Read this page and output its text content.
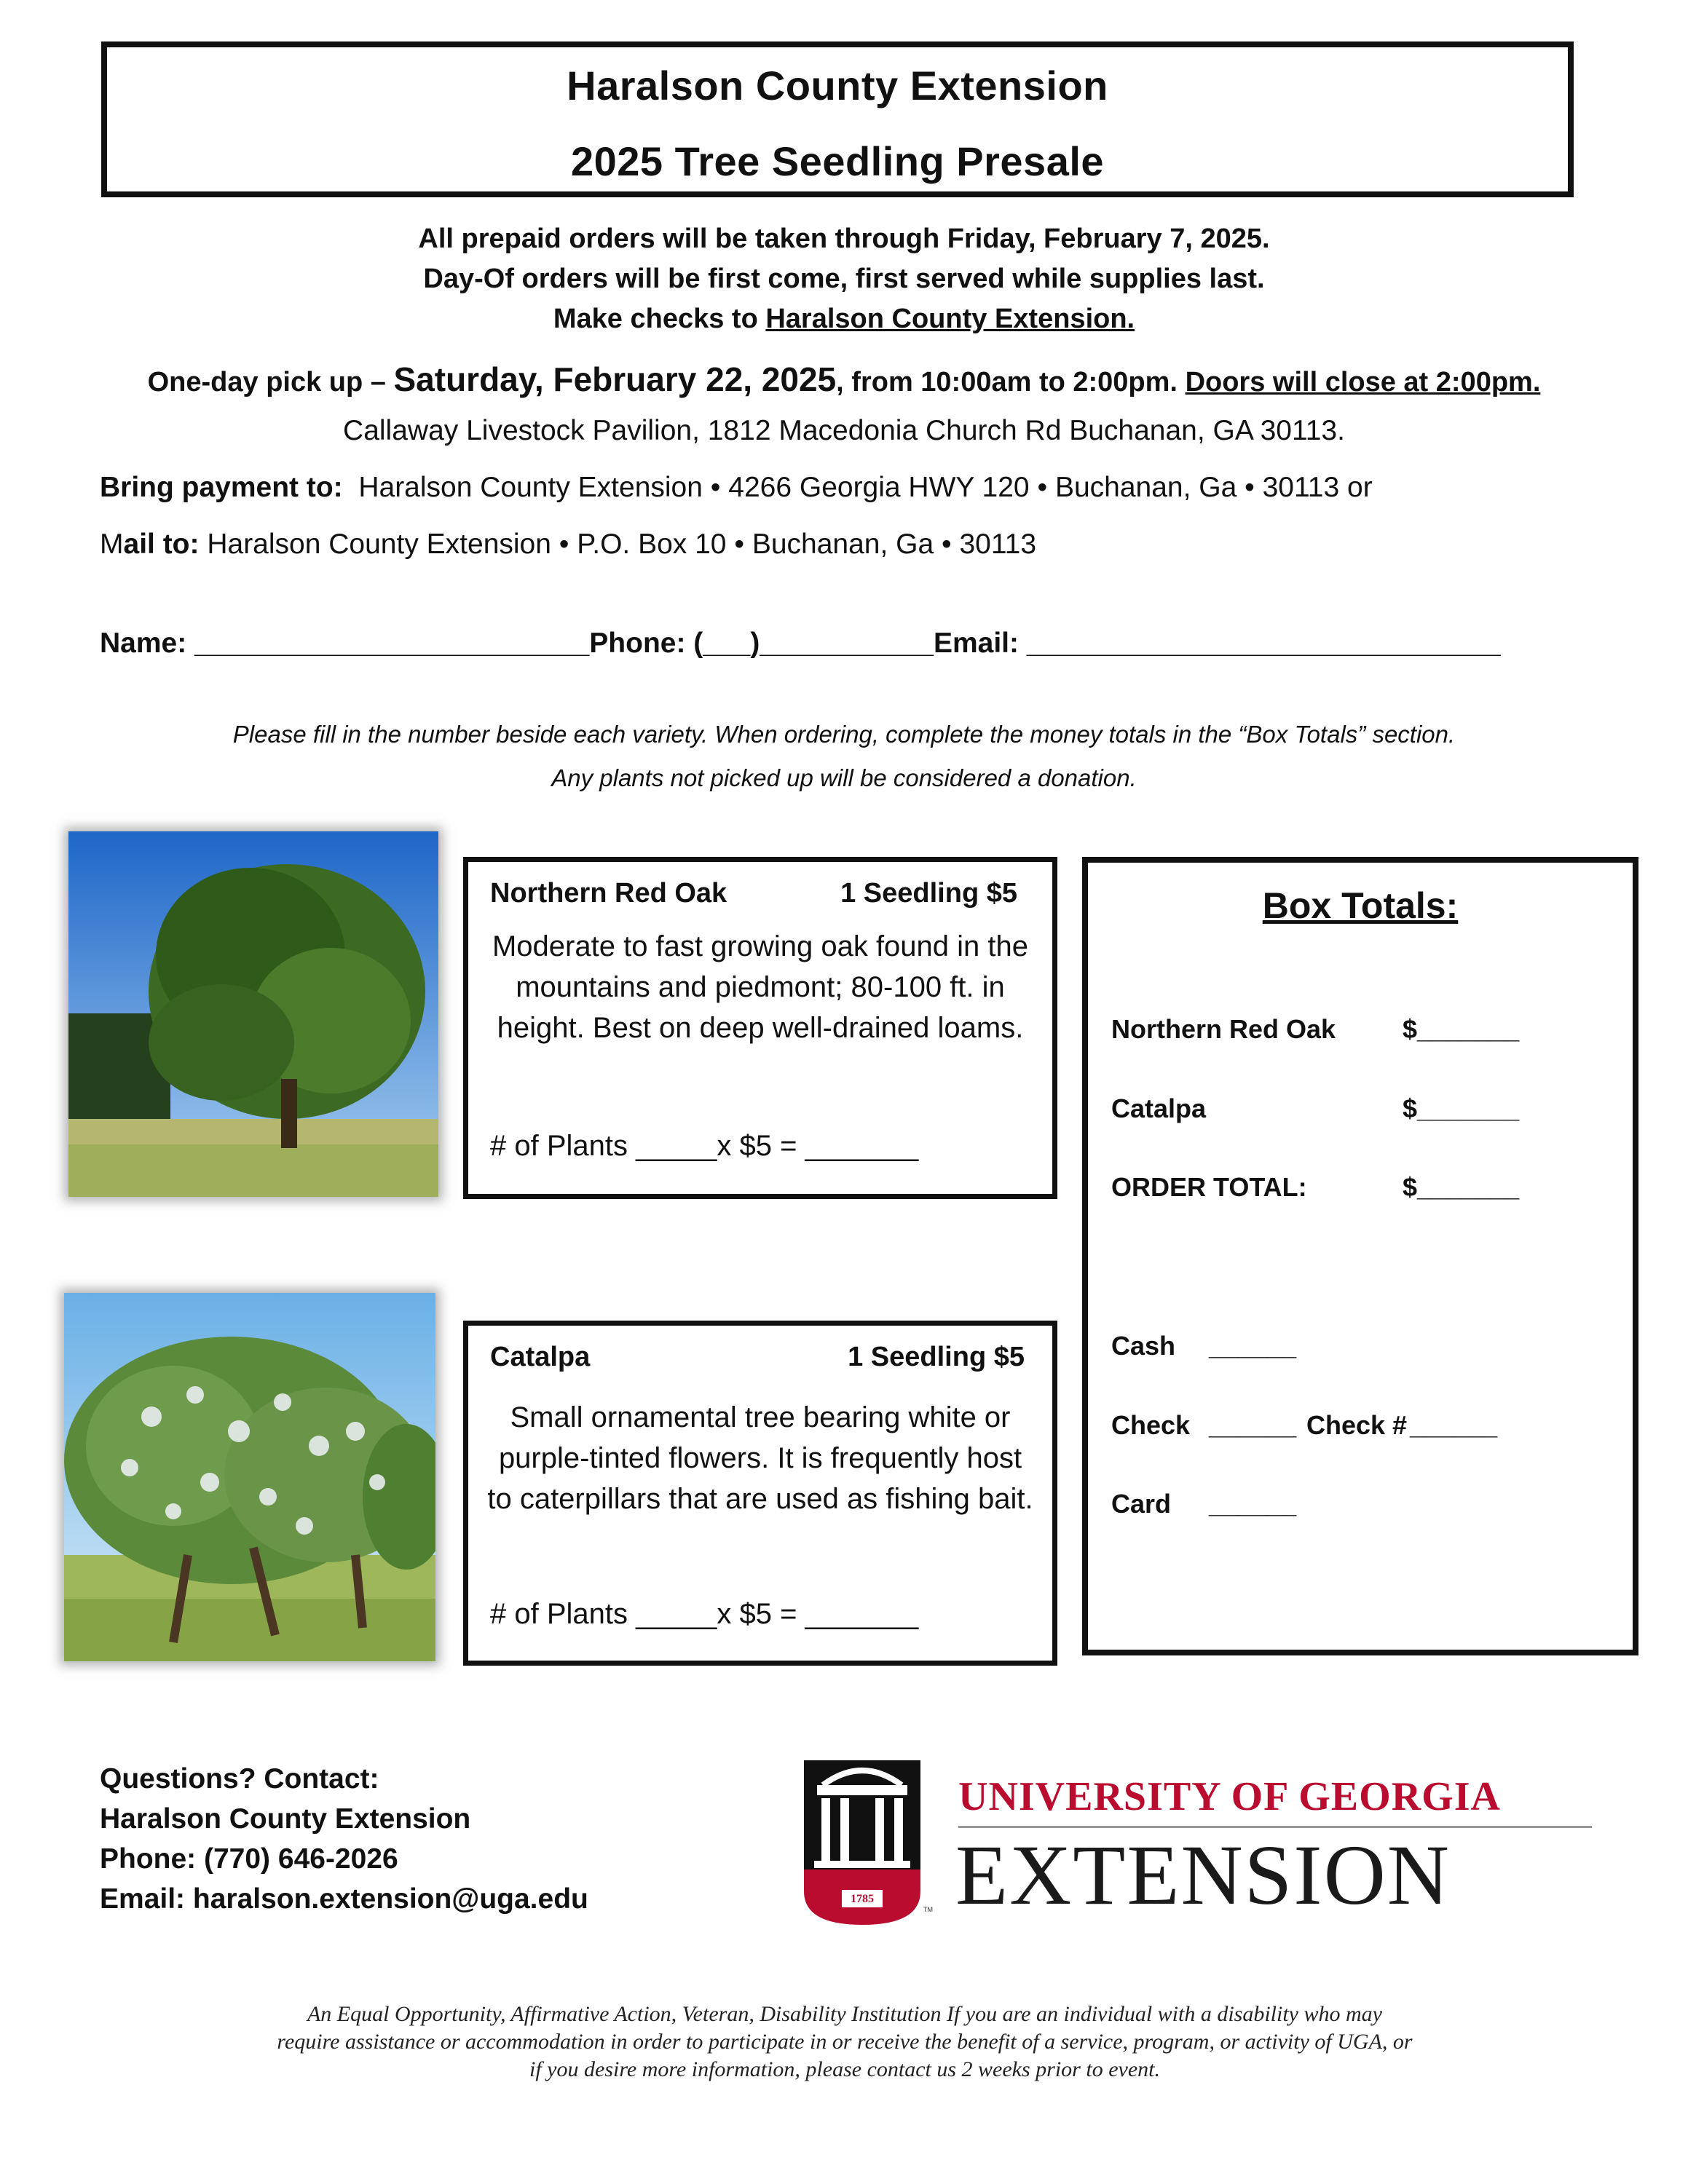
Haralson County Extension
2025 Tree Seedling Presale
All prepaid orders will be taken through Friday, February 7, 2025.
Day-Of orders will be first come, first served while supplies last.
Make checks to Haralson County Extension.
One-day pick up – Saturday, February 22, 2025, from 10:00am to 2:00pm. Doors will close at 2:00pm.
Callaway Livestock Pavilion, 1812 Macedonia Church Rd Buchanan, GA 30113.
Bring payment to: Haralson County Extension • 4266 Georgia HWY 120 • Buchanan, Ga • 30113 or
Mail to: Haralson County Extension • P.O. Box 10 • Buchanan, Ga • 30113
Name: _________________________Phone: (___)___________Email: ______________________________
Please fill in the number beside each variety. When ordering, complete the money totals in the “Box Totals” section.
Any plants not picked up will be considered a donation.
Northern Red Oak	1 Seedling $5
Moderate to fast growing oak found in the mountains and piedmont; 80-100 ft. in height. Best on deep well-drained loams.
# of Plants _____x $5 = _______
Catalpa	1 Seedling $5
Small ornamental tree bearing white or purple-tinted flowers. It is frequently host to caterpillars that are used as fishing bait.
# of Plants _____x $5 = _______
Box Totals:
Northern Red Oak	$_______
Catalpa	$_______
ORDER TOTAL:	$_______
Cash ______
Check ______ Check # ______
Card ______
Questions? Contact:
Haralson County Extension
Phone: (770) 646-2026
Email: haralson.extension@uga.edu	1785
TM
UNIVERSITY OF GEORGIA
EXTENSION
An Equal Opportunity, Affirmative Action, Veteran, Disability Institution If you are an individual with a disability who may require assistance or accommodation in order to participate in or receive the benefit of a service, program, or activity of UGA, or if you desire more information, please contact us 2 weeks prior to event.
